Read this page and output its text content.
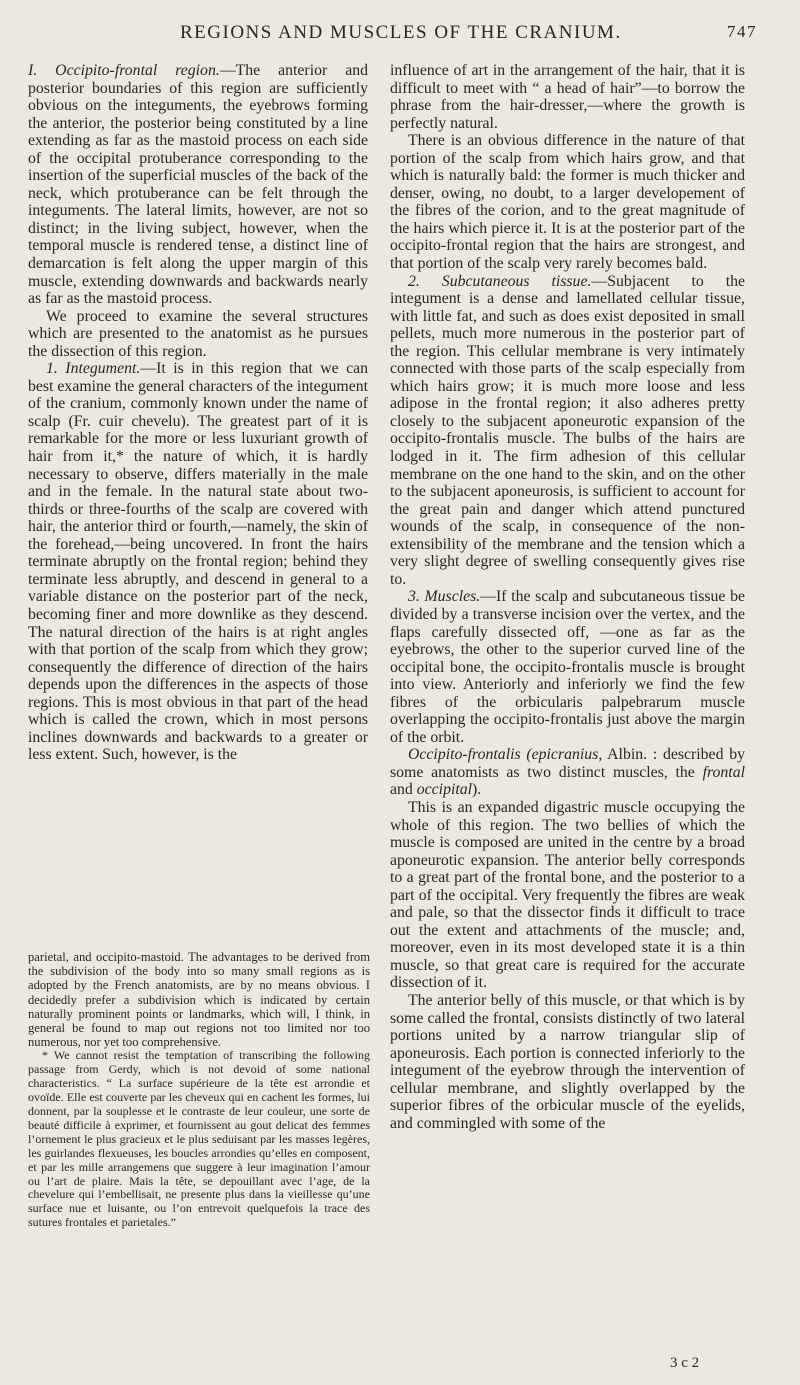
REGIONS AND MUSCLES OF THE CRANIUM.	747

I. Occipito-frontal region.—The anterior and posterior boundaries of this region are sufficiently obvious on the integuments, the eyebrows forming the anterior, the posterior being constituted by a line extending as far as the mastoid process on each side of the occipital protuberance corresponding to the insertion of the superficial muscles of the back of the neck, which protuberance can be felt through the integuments. The lateral limits, however, are not so distinct; in the living subject, however, when the temporal muscle is rendered tense, a distinct line of demarcation is felt along the upper margin of this muscle, extending downwards and backwards nearly as far as the mastoid process.

We proceed to examine the several structures which are presented to the anatomist as he pursues the dissection of this region.

1. Integument.—It is in this region that we can best examine the general characters of the integument of the cranium, commonly known under the name of scalp (Fr. cuir chevelu). The greatest part of it is remarkable for the more or less luxuriant growth of hair from it,* the nature of which, it is hardly necessary to observe, differs materially in the male and in the female. In the natural state about two-thirds or three-fourths of the scalp are covered with hair, the anterior third or fourth,—namely, the skin of the forehead,—being uncovered. In front the hairs terminate abruptly on the frontal region; behind they terminate less abruptly, and descend in general to a variable distance on the posterior part of the neck, becoming finer and more downlike as they descend. The natural direction of the hairs is at right angles with that portion of the scalp from which they grow; consequently the difference of direction of the hairs depends upon the differences in the aspects of those regions. This is most obvious in that part of the head which is called the crown, which in most persons inclines downwards and backwards to a greater or less extent. Such, however, is the

parietal, and occipito-mastoid. The advantages to be derived from the subdivision of the body into so many small regions as is adopted by the French anatomists, are by no means obvious. I decidedly prefer a subdivision which is indicated by certain naturally prominent points or landmarks, which will, I think, in general be found to map out regions not too limited nor too numerous, nor yet too comprehensive.

* We cannot resist the temptation of transcribing the following passage from Gerdy, which is not devoid of some national characteristics. “ La surface supérieure de la tête est arrondie et ovoïde. Elle est couverte par les cheveux qui en cachent les formes, lui donnent, par la souplesse et le contraste de leur couleur, une sorte de beauté difficile à exprimer, et fournissent au gout delicat des femmes l’ornement le plus gracieux et le plus seduisant par les masses legères, les guirlandes flexueuses, les boucles arrondies qu’elles en composent, et par les mille arrangemens que suggere à leur imagination l’amour ou l’art de plaire. Mais la tête, se depouillant avec l’age, de la chevelure qui l’embellisait, ne presente plus dans la vieillesse qu’une surface nue et luisante, ou l’on entrevoit quelquefois la trace des sutures frontales et parietales.”

influence of art in the arrangement of the hair, that it is difficult to meet with “ a head of hair”—to borrow the phrase from the hair-dresser,—where the growth is perfectly natural.

There is an obvious difference in the nature of that portion of the scalp from which hairs grow, and that which is naturally bald: the former is much thicker and denser, owing, no doubt, to a larger developement of the fibres of the corion, and to the great magnitude of the hairs which pierce it. It is at the posterior part of the occipito-frontal region that the hairs are strongest, and that portion of the scalp very rarely becomes bald.

2. Subcutaneous tissue.—Subjacent to the integument is a dense and lamellated cellular tissue, with little fat, and such as does exist deposited in small pellets, much more numerous in the posterior part of the region. This cellular membrane is very intimately connected with those parts of the scalp especially from which hairs grow; it is much more loose and less adipose in the frontal region; it also adheres pretty closely to the subjacent aponeurotic expansion of the occipito-frontalis muscle. The bulbs of the hairs are lodged in it. The firm adhesion of this cellular membrane on the one hand to the skin, and on the other to the subjacent aponeurosis, is sufficient to account for the great pain and danger which attend punctured wounds of the scalp, in consequence of the non-extensibility of the membrane and the tension which a very slight degree of swelling consequently gives rise to.

3. Muscles.—If the scalp and subcutaneous tissue be divided by a transverse incision over the vertex, and the flaps carefully dissected off, —one as far as the eyebrows, the other to the superior curved line of the occipital bone, the occipito-frontalis muscle is brought into view. Anteriorly and inferiorly we find the few fibres of the orbicularis palpebrarum muscle overlapping the occipito-frontalis just above the margin of the orbit.

Occipito-frontalis (epicranius, Albin. : described by some anatomists as two distinct muscles, the frontal and occipital).

This is an expanded digastric muscle occupying the whole of this region. The two bellies of which the muscle is composed are united in the centre by a broad aponeurotic expansion. The anterior belly corresponds to a great part of the frontal bone, and the posterior to a part of the occipital. Very frequently the fibres are weak and pale, so that the dissector finds it difficult to trace out the extent and attachments of the muscle; and, moreover, even in its most developed state it is a thin muscle, so that great care is required for the accurate dissection of it.

The anterior belly of this muscle, or that which is by some called the frontal, consists distinctly of two lateral portions united by a narrow triangular slip of aponeurosis. Each portion is connected inferiorly to the integument of the eyebrow through the intervention of cellular membrane, and slightly overlapped by the superior fibres of the orbicular muscle of the eyelids, and commingled with some of the

3 c 2
